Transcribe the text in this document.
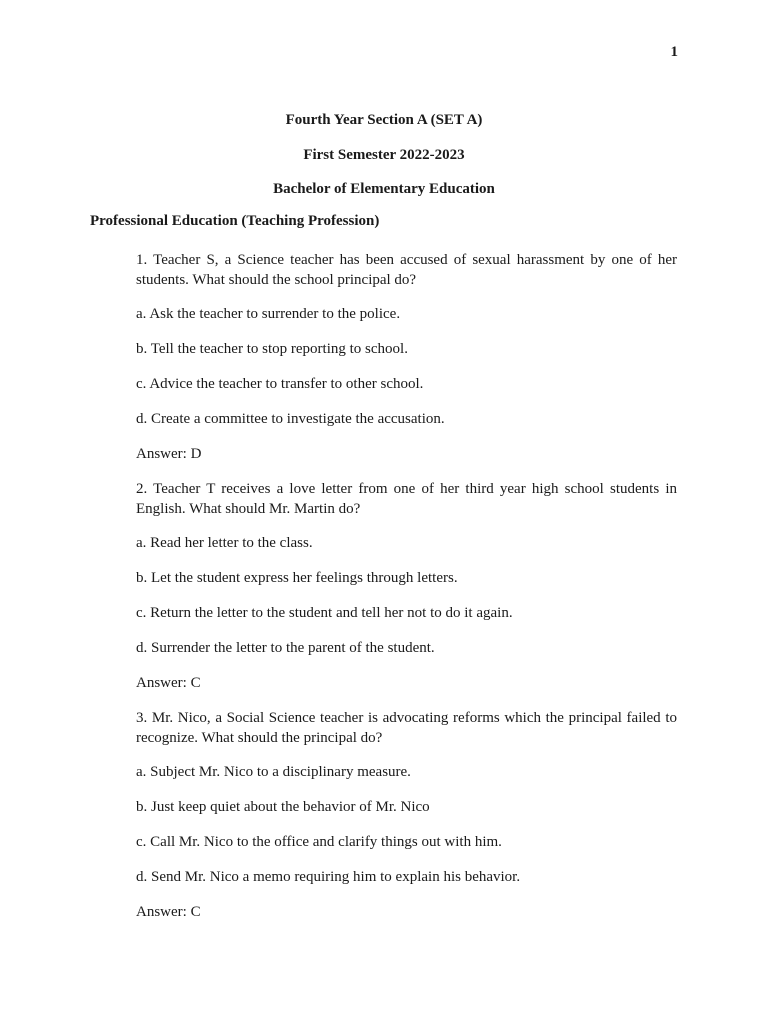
1
Fourth Year Section A (SET A)
First Semester 2022-2023
Bachelor of Elementary Education
Professional Education (Teaching Profession)

1. Teacher S, a Science teacher has been accused of sexual harassment by one of her students. What should the school principal do?

a. Ask the teacher to surrender to the police.

b. Tell the teacher to stop reporting to school.

c. Advice the teacher to transfer to other school.

d. Create a committee to investigate the accusation.

Answer: D

2. Teacher T receives a love letter from one of her third year high school students in English. What should Mr. Martin do?

a. Read her letter to the class.

b. Let the student express her feelings through letters.

c. Return the letter to the student and tell her not to do it again.

d. Surrender the letter to the parent of the student.

Answer: C

3. Mr. Nico, a Social Science teacher is advocating reforms which the principal failed to recognize. What should the principal do?

a. Subject Mr. Nico to a disciplinary measure.

b. Just keep quiet about the behavior of Mr. Nico

c. Call Mr. Nico to the office and clarify things out with him.

d. Send Mr. Nico a memo requiring him to explain his behavior.

Answer: C
